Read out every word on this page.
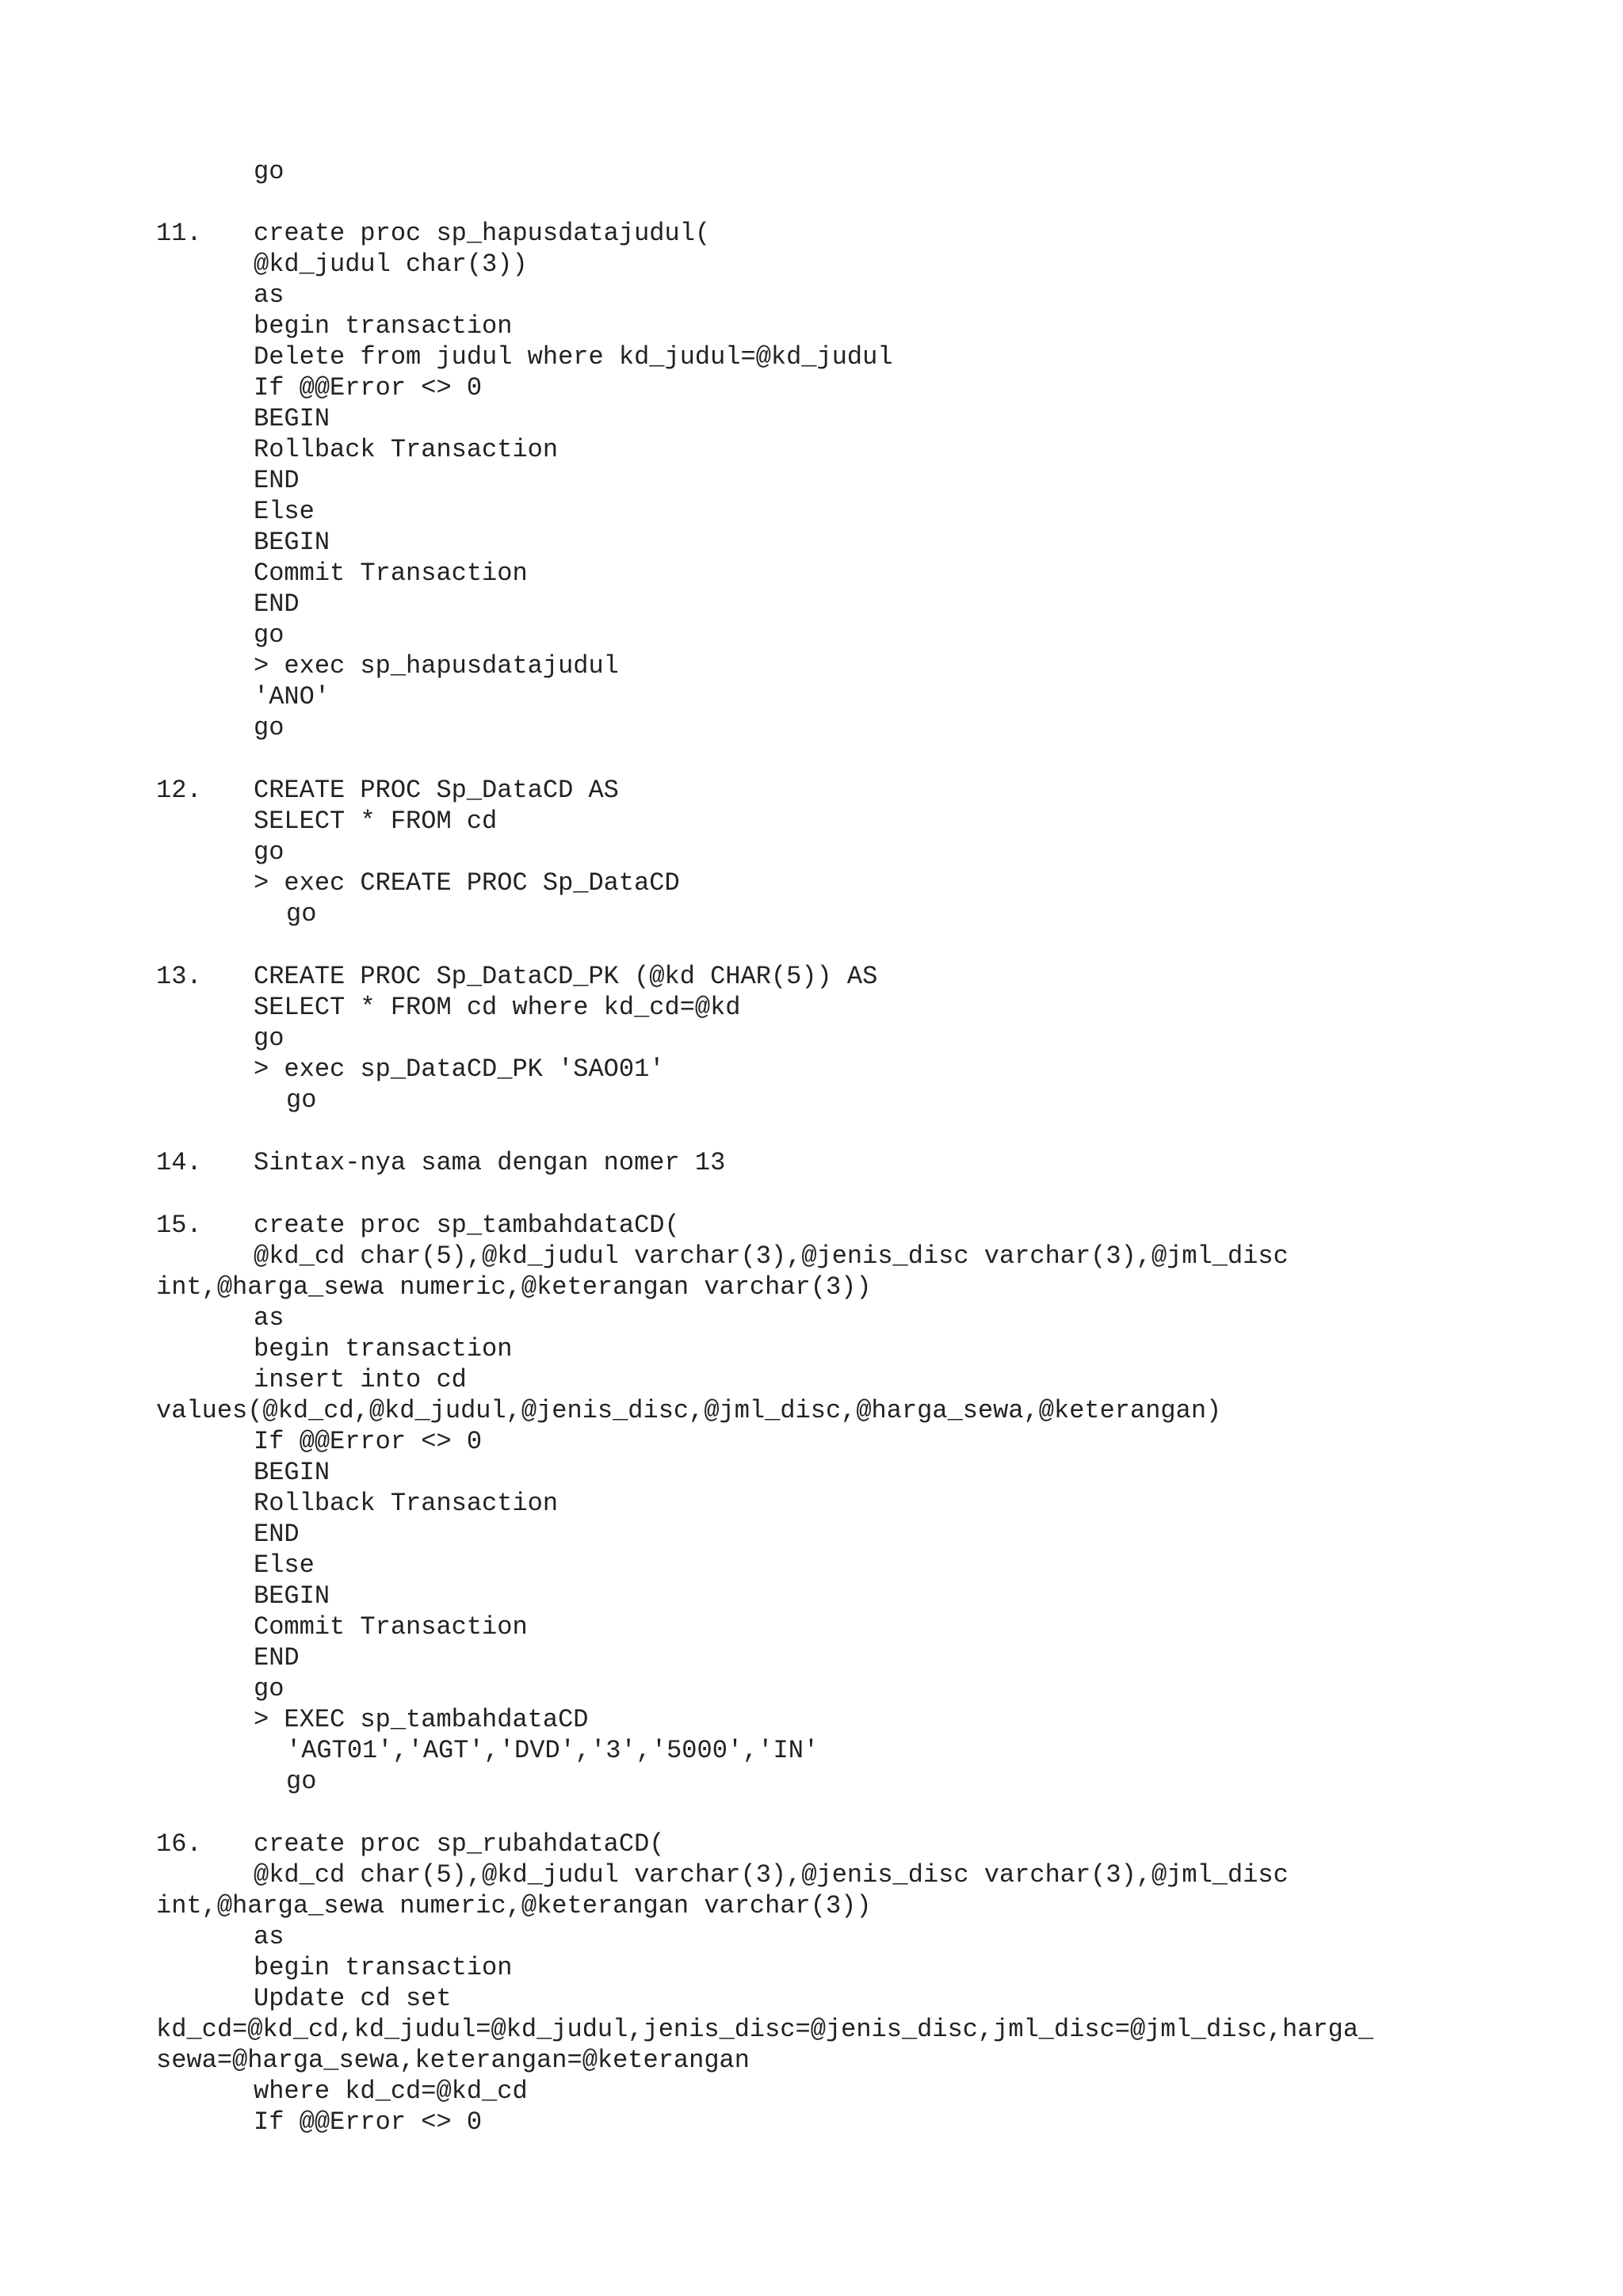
go
11. create proc sp_hapusdatajudul(
@kd_judul char(3))
as
begin transaction
Delete from judul where kd_judul=@kd_judul
If @@Error <> 0
BEGIN
Rollback Transaction
END
Else
BEGIN
Commit Transaction
END
go
> exec sp_hapusdatajudul
'ANO'
go
12. CREATE PROC Sp_DataCD AS
SELECT * FROM cd
go
> exec CREATE PROC Sp_DataCD
go
13. CREATE PROC Sp_DataCD_PK (@kd CHAR(5)) AS
SELECT * FROM cd where kd_cd=@kd
go
> exec sp_DataCD_PK 'SAO01'
go
14. Sintax-nya sama dengan nomer 13
15. create proc sp_tambahdataCD(
@kd_cd char(5),@kd_judul varchar(3),@jenis_disc varchar(3),@jml_disc
int,@harga_sewa numeric,@keterangan varchar(3))
as
begin transaction
insert into cd
values(@kd_cd,@kd_judul,@jenis_disc,@jml_disc,@harga_sewa,@keterangan)
If @@Error <> 0
BEGIN
Rollback Transaction
END
Else
BEGIN
Commit Transaction
END
go
> EXEC sp_tambahdataCD
'AGT01','AGT','DVD','3','5000','IN'
go
16. create proc sp_rubahdataCD(
@kd_cd char(5),@kd_judul varchar(3),@jenis_disc varchar(3),@jml_disc
int,@harga_sewa numeric,@keterangan varchar(3))
as
begin transaction
Update cd set
kd_cd=@kd_cd,kd_judul=@kd_judul,jenis_disc=@jenis_disc,jml_disc=@jml_disc,harga_
sewa=@harga_sewa,keterangan=@keterangan
where kd_cd=@kd_cd
If @@Error <> 0
